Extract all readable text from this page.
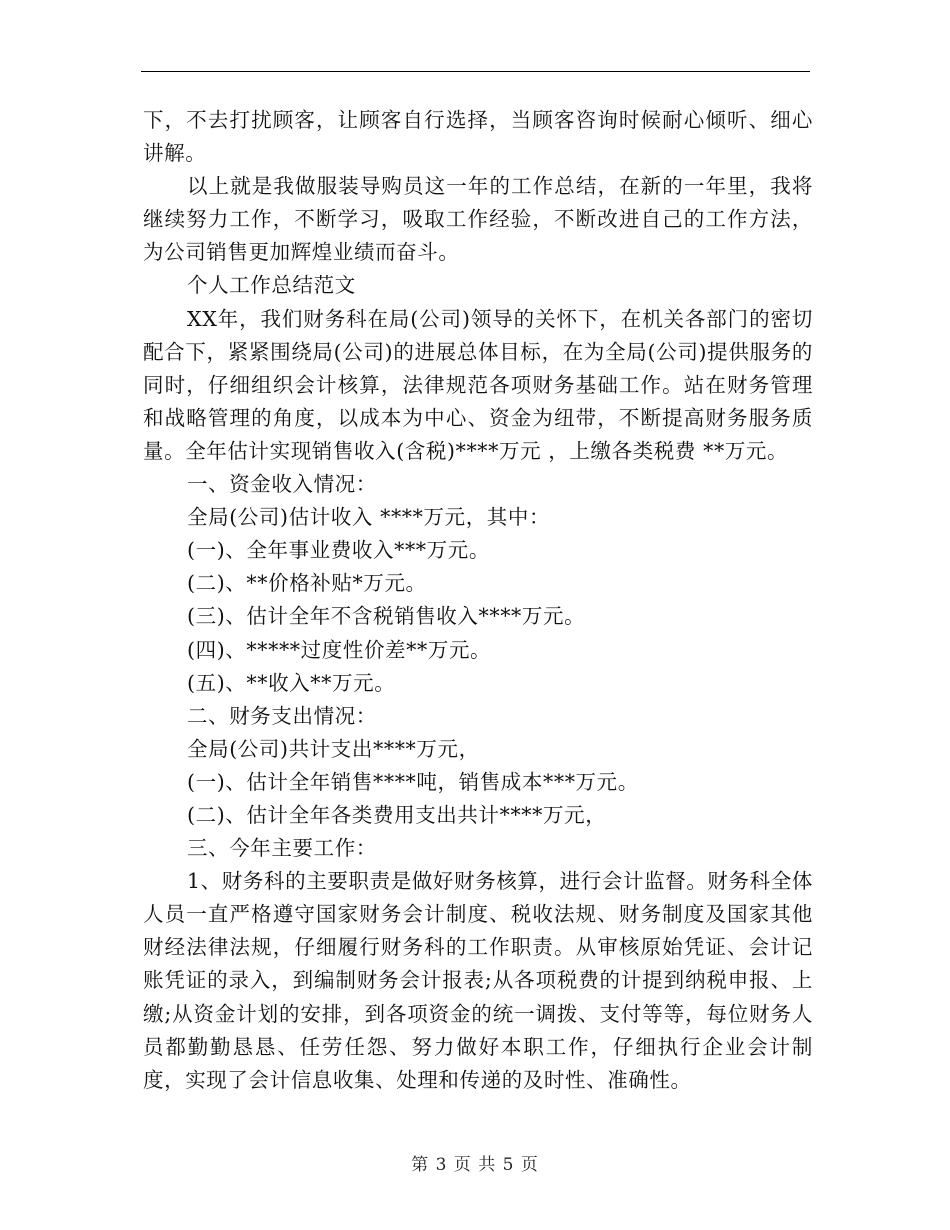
下，不去打扰顾客，让顾客自行选择，当顾客咨询时候耐心倾听、细心讲解。

以上就是我做服装导购员这一年的工作总结，在新的一年里，我将继续努力工作，不断学习，吸取工作经验，不断改进自己的工作方法，为公司销售更加辉煌业绩而奋斗。

个人工作总结范文

XX年，我们财务科在局(公司)领导的关怀下，在机关各部门的密切配合下，紧紧围绕局(公司)的进展总体目标，在为全局(公司)提供服务的同时，仔细组织会计核算，法律规范各项财务基础工作。站在财务管理和战略管理的角度，以成本为中心、资金为纽带，不断提高财务服务质量。全年估计实现销售收入(含税)****万元 ，上缴各类税费 **万元。

一、资金收入情况：

全局(公司)估计收入 ****万元，其中：

(一)、全年事业费收入***万元。

(二)、**价格补贴*万元。

(三)、估计全年不含税销售收入****万元。

(四)、*****过度性价差**万元。

(五)、**收入**万元。

二、财务支出情况：

全局(公司)共计支出****万元，

(一)、估计全年销售****吨，销售成本***万元。

(二)、估计全年各类费用支出共计****万元，

三、今年主要工作：

1、财务科的主要职责是做好财务核算，进行会计监督。财务科全体人员一直严格遵守国家财务会计制度、税收法规、财务制度及国家其他财经法律法规，仔细履行财务科的工作职责。从审核原始凭证、会计记账凭证的录入，到编制财务会计报表;从各项税费的计提到纳税申报、上缴;从资金计划的安排，到各项资金的统一调拨、支付等等，每位财务人员都勤勤恳恳、任劳任怨、努力做好本职工作，仔细执行企业会计制度，实现了会计信息收集、处理和传递的及时性、准确性。

第 3 页 共 5 页
